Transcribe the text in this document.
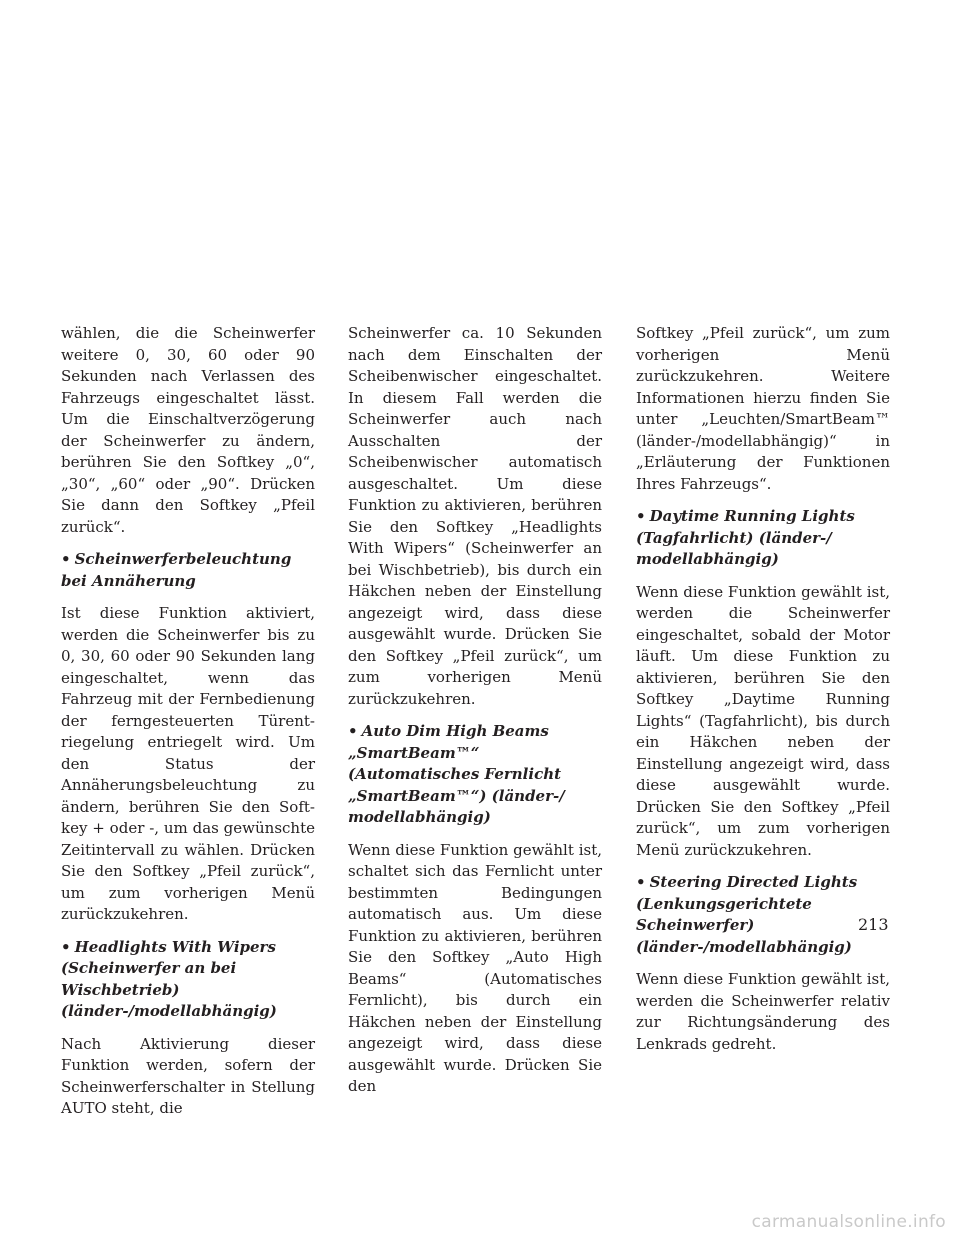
wählen, die die Scheinwerfer weitere 0, 30, 60 oder 90 Sekunden nach Verlassen des Fahrzeugs eingeschaltet lässt. Um die Einschaltverzögerung der Scheinwerfer zu ändern, berühren Sie den Softkey „0“, „30“, „60“ oder „90“. Drücken Sie dann den Softkey „Pfeil zurück“.

• Scheinwerferbeleuchtung bei Annäherung

Ist diese Funktion aktiviert, werden die Scheinwerfer bis zu 0, 30, 60 oder 90 Sekunden lang eingeschaltet, wenn das Fahrzeug mit der Fernbedienung der ferngesteuerten Türentriegelung entriegelt wird. Um den Status der Annäherungsbeleuchtung zu ändern, berühren Sie den Softkey + oder -, um das gewünschte Zeitintervall zu wählen. Drücken Sie den Softkey „Pfeil zurück“, um zum vorherigen Menü zurückzukehren.

• Headlights With Wipers (Scheinwerfer an bei Wischbetrieb) (länder-/modellabhängig)

Nach Aktivierung dieser Funktion werden, sofern der Scheinwerferschalter in Stellung AUTO steht, die

Scheinwerfer ca. 10 Sekunden nach dem Einschalten der Scheibenwischer eingeschaltet. In diesem Fall werden die Scheinwerfer auch nach Ausschalten der Scheibenwischer automatisch ausgeschaltet. Um diese Funktion zu aktivieren, berühren Sie den Softkey „Headlights With Wipers“ (Scheinwerfer an bei Wischbetrieb), bis durch ein Häkchen neben der Einstellung angezeigt wird, dass diese ausgewählt wurde. Drücken Sie den Softkey „Pfeil zurück“, um zum vorherigen Menü zurückzukehren.

• Auto Dim High Beams „SmartBeam™“ (Automatisches Fernlicht „SmartBeam™“) (länder-/ modellabhängig)

Wenn diese Funktion gewählt ist, schaltet sich das Fernlicht unter bestimmten Bedingungen automatisch aus. Um diese Funktion zu aktivieren, berühren Sie den Softkey „Auto High Beams“ (Automatisches Fernlicht), bis durch ein Häkchen neben der Einstellung angezeigt wird, dass diese ausgewählt wurde. Drücken Sie den

Softkey „Pfeil zurück“, um zum vorherigen Menü zurückzukehren. Weitere Informationen hierzu finden Sie unter „Leuchten/SmartBeam™ (länder-/modellabhängig)“ in „Erläuterung der Funktionen Ihres Fahrzeugs“.

• Daytime Running Lights (Tagfahrlicht) (länder-/ modellabhängig)

Wenn diese Funktion gewählt ist, werden die Scheinwerfer eingeschaltet, sobald der Motor läuft. Um diese Funktion zu aktivieren, berühren Sie den Softkey „Daytime Running Lights“ (Tagfahrlicht), bis durch ein Häkchen neben der Einstellung angezeigt wird, dass diese ausgewählt wurde. Drücken Sie den Softkey „Pfeil zurück“, um zum vorherigen Menü zurückzukehren.

• Steering Directed Lights (Lenkungsgerichtete Scheinwerfer) (länder-/modellabhängig)

Wenn diese Funktion gewählt ist, werden die Scheinwerfer relativ zur Richtungsänderung des Lenkrads gedreht.

213
carmanualsonline.info
